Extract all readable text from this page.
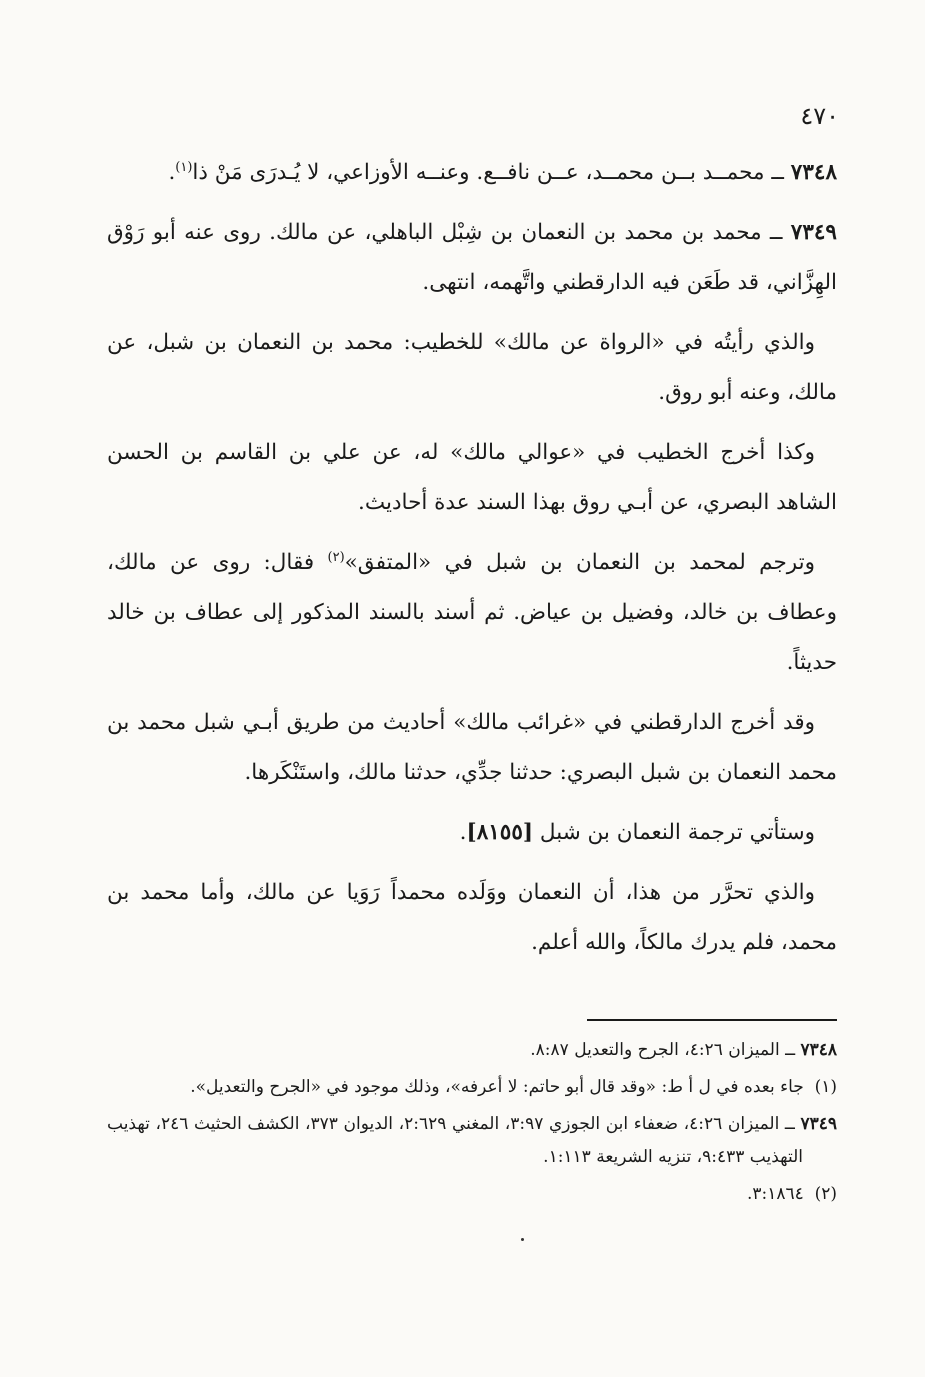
٤٧٠

٧٣٤٨ ــ محمــد بــن محمــد، عــن نافــع. وعنــه الأوزاعي، لا يُـدرَى مَنْ ذا$^{(١)}$.

٧٣٤٩ ــ محمد بن محمد بن النعمان بن شِبْل الباهلي، عن مالك. روى عنه أبو رَوْق الهِزَّاني، قد طَعَن فيه الدارقطني واتَّهمه، انتهى.

والذي رأيتُه في «الرواة عن مالك» للخطيب: محمد بن النعمان بن شبل، عن مالك، وعنه أبو روق.

وكذا أخرج الخطيب في «عوالي مالك» له، عن علي بن القاسم بن الحسن الشاهد البصري، عن أبـي روق بهذا السند عدة أحاديث.

وترجم لمحمد بن النعمان بن شبل في «المتفق»$^{(٢)}$ فقال: روى عن مالك، وعطاف بن خالد، وفضيل بن عياض. ثم أسند بالسند المذكور إلى عطاف بن خالد حديثاً.

وقد أخرج الدارقطني في «غرائب مالك» أحاديث من طريق أبـي شبل محمد بن محمد النعمان بن شبل البصري: حدثنا جدِّي، حدثنا مالك، واستَنْكَرها.

وستأتي ترجمة النعمان بن شبل [٨١٥٥].

والذي تحرَّر من هذا، أن النعمان ووَلَده محمداً رَوَيا عن مالك، وأما محمد بن محمد، فلم يدرك مالكاً، والله أعلم.

٧٣٤٨ ــ الميزان ٤:٢٦، الجرح والتعديل ٨:٨٧.

(١)  جاء بعده في ل أ ط: «وقد قال أبو حاتم: لا أعرفه»، وذلك موجود في «الجرح والتعديل».

٧٣٤٩ ــ الميزان ٤:٢٦، ضعفاء ابن الجوزي ٣:٩٧، المغني ٢:٦٢٩، الديوان ٣٧٣، الكشف الحثيث ٢٤٦، تهذيب التهذيب ٩:٤٣٣، تنزيه الشريعة ١:١١٣.

(٢)  ٣:١٨٦٤.
